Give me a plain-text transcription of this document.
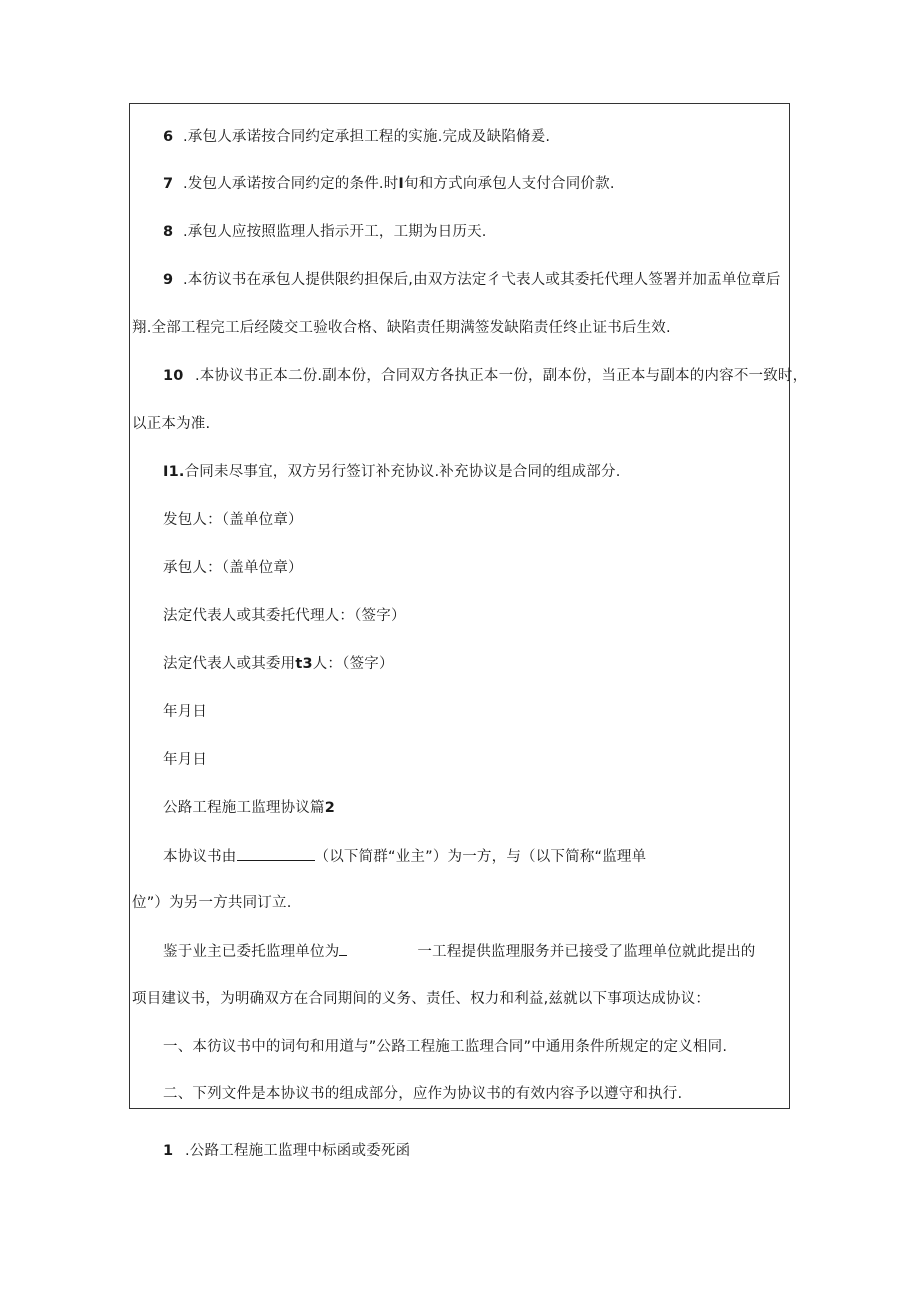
6 .承包人承诺按合同约定承担工程的实施.完成及缺陷脩爰.
7 .发包人承诺按合同约定的条件.时I旬和方式向承包人支付合同价款.
8 .承包人应按照监理人指示开工，工期为日历天.
9 .本彷议书在承包人提供限约担保后,由双方法定彳弋表人或其委托代理人签署并加盂单位章后
翔.全部工程完工后经陵交工验收合格、缺陷责任期满签发缺陷责任终止证书后生效.
10 .本协议书正本二份.副本份，合同双方各执正本一份，副本份，当正本与副本的内容不一致时，
以正本为准.
I1.合同耒尽事宜，双方另行签订补充协议.补充协议是合同的组成部分.
发包人：（盖单位章）
承包人：（盖单位章）
法定代表人或其委托代理人：（签字）
法定代表人或其委用t3人：（签字）
年月日
年月日
公路工程施工监理协议篇2
本协议书由	（以下简群“业主”）为一方，与（以下简称“监理单
位”）为另一方共同订立.
鉴于业主已委托监理单位为	一工程提供监理服务并已接受了监理单位就此提出的
项目建议书，为明确双方在合同期间的义务、责任、权力和利益,兹就以下事项达成协议：
一、本彷议书中的词句和用道与”公路工程施工监理合同”中通用条件所规定的定义相同.
二、下列文件是本协议书的组成部分，应作为协议书的有效内容予以遵守和执行.
1 .公路工程施工监理中标函或委死函
